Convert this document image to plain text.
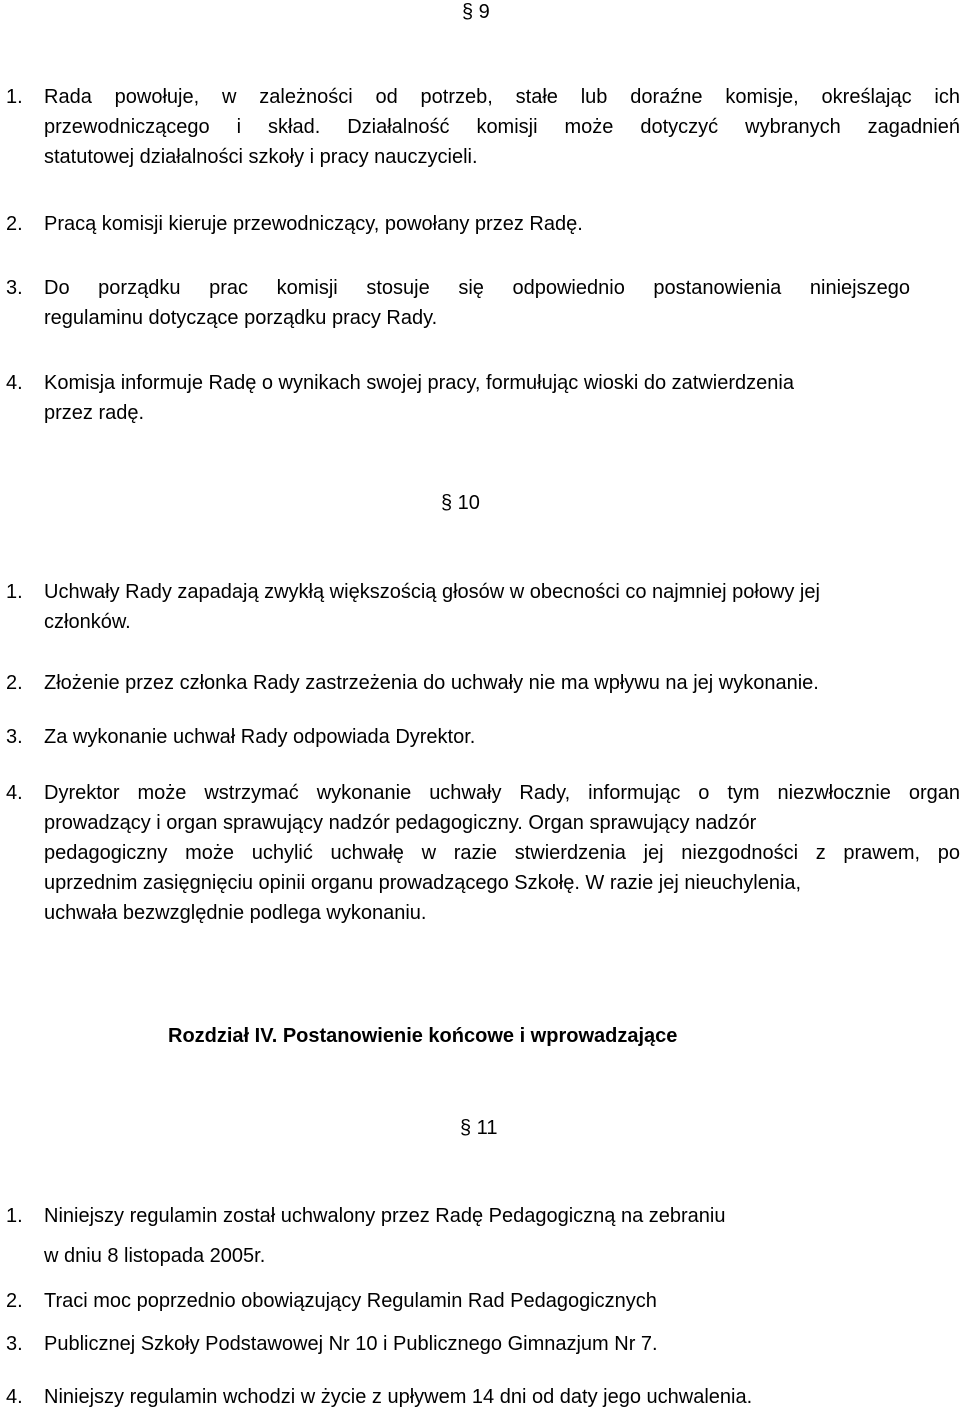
§ 9
1. Rada powołuje, w zależności od potrzeb, stałe lub doraźne komisje, określając ich
przewodniczącego i skład. Działalność komisji może dotyczyć wybranych zagadnień
statutowej działalności szkoły i pracy nauczycieli.
2. Pracą komisji kieruje przewodniczący, powołany przez Radę.
3. Do porządku prac komisji stosuje się odpowiednio postanowienia niniejszego
regulaminu dotyczące porządku pracy Rady.
4. Komisja informuje Radę o wynikach swojej pracy, formułując wioski do zatwierdzenia
przez radę.
§ 10
1. Uchwały Rady zapadają zwykłą większością głosów w obecności co najmniej połowy jej
członków.
2. Złożenie przez członka Rady zastrzeżenia do uchwały nie ma wpływu na jej wykonanie.
3. Za wykonanie uchwał Rady odpowiada Dyrektor.
4. Dyrektor może wstrzymać wykonanie uchwały Rady, informując o tym niezwłocznie organ
prowadzący i organ sprawujący nadzór pedagogiczny. Organ sprawujący nadzór
pedagogiczny może uchylić uchwałę w razie stwierdzenia jej niezgodności z prawem, po
uprzednim zasięgnięciu opinii organu prowadzącego Szkołę. W razie jej nieuchylenia,
uchwała bezwzględnie podlega wykonaniu.
Rozdział IV. Postanowienie końcowe i wprowadzające
§ 11
1. Niniejszy regulamin został uchwalony przez Radę Pedagogiczną na zebraniu
w dniu 8 listopada 2005r.
2. Traci moc poprzednio obowiązujący Regulamin Rad Pedagogicznych
3. Publicznej Szkoły Podstawowej Nr 10 i Publicznego Gimnazjum Nr 7.
4. Niniejszy regulamin wchodzi w życie z upływem 14 dni od daty jego uchwalenia.
